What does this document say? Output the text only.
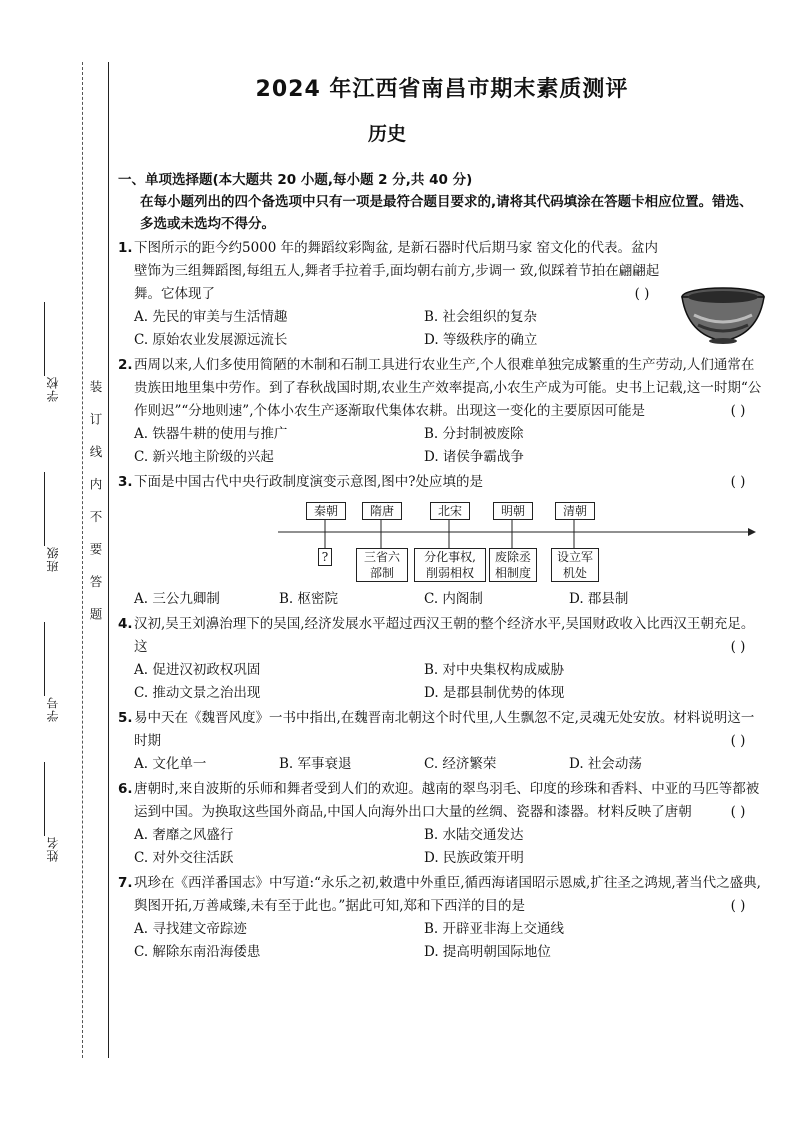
学校
班级
学号
姓名
装订线内不要答题
2024 年江西省南昌市期末素质测评
历史
一、单项选择题(本大题共 20 小题,每小题 2 分,共 40 分)
在每小题列出的四个备选项中只有一项是最符合题目要求的,请将其代码填涂在答题卡相应位置。错选、多选或未选均不得分。
1. 下图所示的距今约5000 年的舞蹈纹彩陶盆, 是新石器时代后期马家 窑文化的代表。盆内壁饰为三组舞蹈图,每组五人,舞者手拉着手,面均朝右前方,步调一 致,似踩着节拍在翩翩起舞。它体现了	( )
A. 先民的审美与生活情趣	B. 社会组织的复杂
C. 原始农业发展源远流长	D. 等级秩序的确立
2. 西周以来,人们多使用简陋的木制和石制工具进行农业生产,个人很难单独完成繁重的生产劳动,人们通常在贵族田地里集中劳作。到了春秋战国时期,农业生产效率提高,小农生产成为可能。史书上记载,这一时期“公作则迟”“分地则速”,个体小农生产逐渐取代集体农耕。出现这一变化的主要原因可能是	( )
A. 铁器牛耕的使用与推广	B. 分封制被废除
C. 新兴地主阶级的兴起	D. 诸侯争霸战争
3. 下面是中国古代中央行政制度演变示意图,图中?处应填的是	( )
秦朝	隋唐	北宋	明朝	清朝
?	三省六
部制
分化事权,
削弱相权
废除丞
相制度
设立军
机处
A. 三公九卿制	B. 枢密院	C. 内阁制	D. 郡县制
4. 汉初,吴王刘濞治理下的吴国,经济发展水平超过西汉王朝的整个经济水平,吴国财政收入比西汉王朝充足。这	( )
A. 促进汉初政权巩固	B. 对中央集权构成威胁
C. 推动文景之治出现	D. 是郡县制优势的体现
5. 易中天在《魏晋风度》一书中指出,在魏晋南北朝这个时代里,人生飘忽不定,灵魂无处安放。材料说明这一时期	( )
A. 文化单一	B. 军事衰退	C. 经济繁荣	D. 社会动荡
6. 唐朝时,来自波斯的乐师和舞者受到人们的欢迎。越南的翠鸟羽毛、印度的珍珠和香料、中亚的马匹等都被运到中国。为换取这些国外商品,中国人向海外出口大量的丝绸、瓷器和漆器。材料反映了唐朝	( )
A. 奢靡之风盛行	B. 水陆交通发达
C. 对外交往活跃	D. 民族政策开明
7. 巩珍在《西洋番国志》中写道:“永乐之初,敕遣中外重臣,循西海诸国昭示恩威,扩往圣之鸿规,著当代之盛典,舆图开拓,万善咸臻,未有至于此也。”据此可知,郑和下西洋的目的是	( )
A. 寻找建文帝踪迹	B. 开辟亚非海上交通线
C. 解除东南沿海倭患	D. 提高明朝国际地位
